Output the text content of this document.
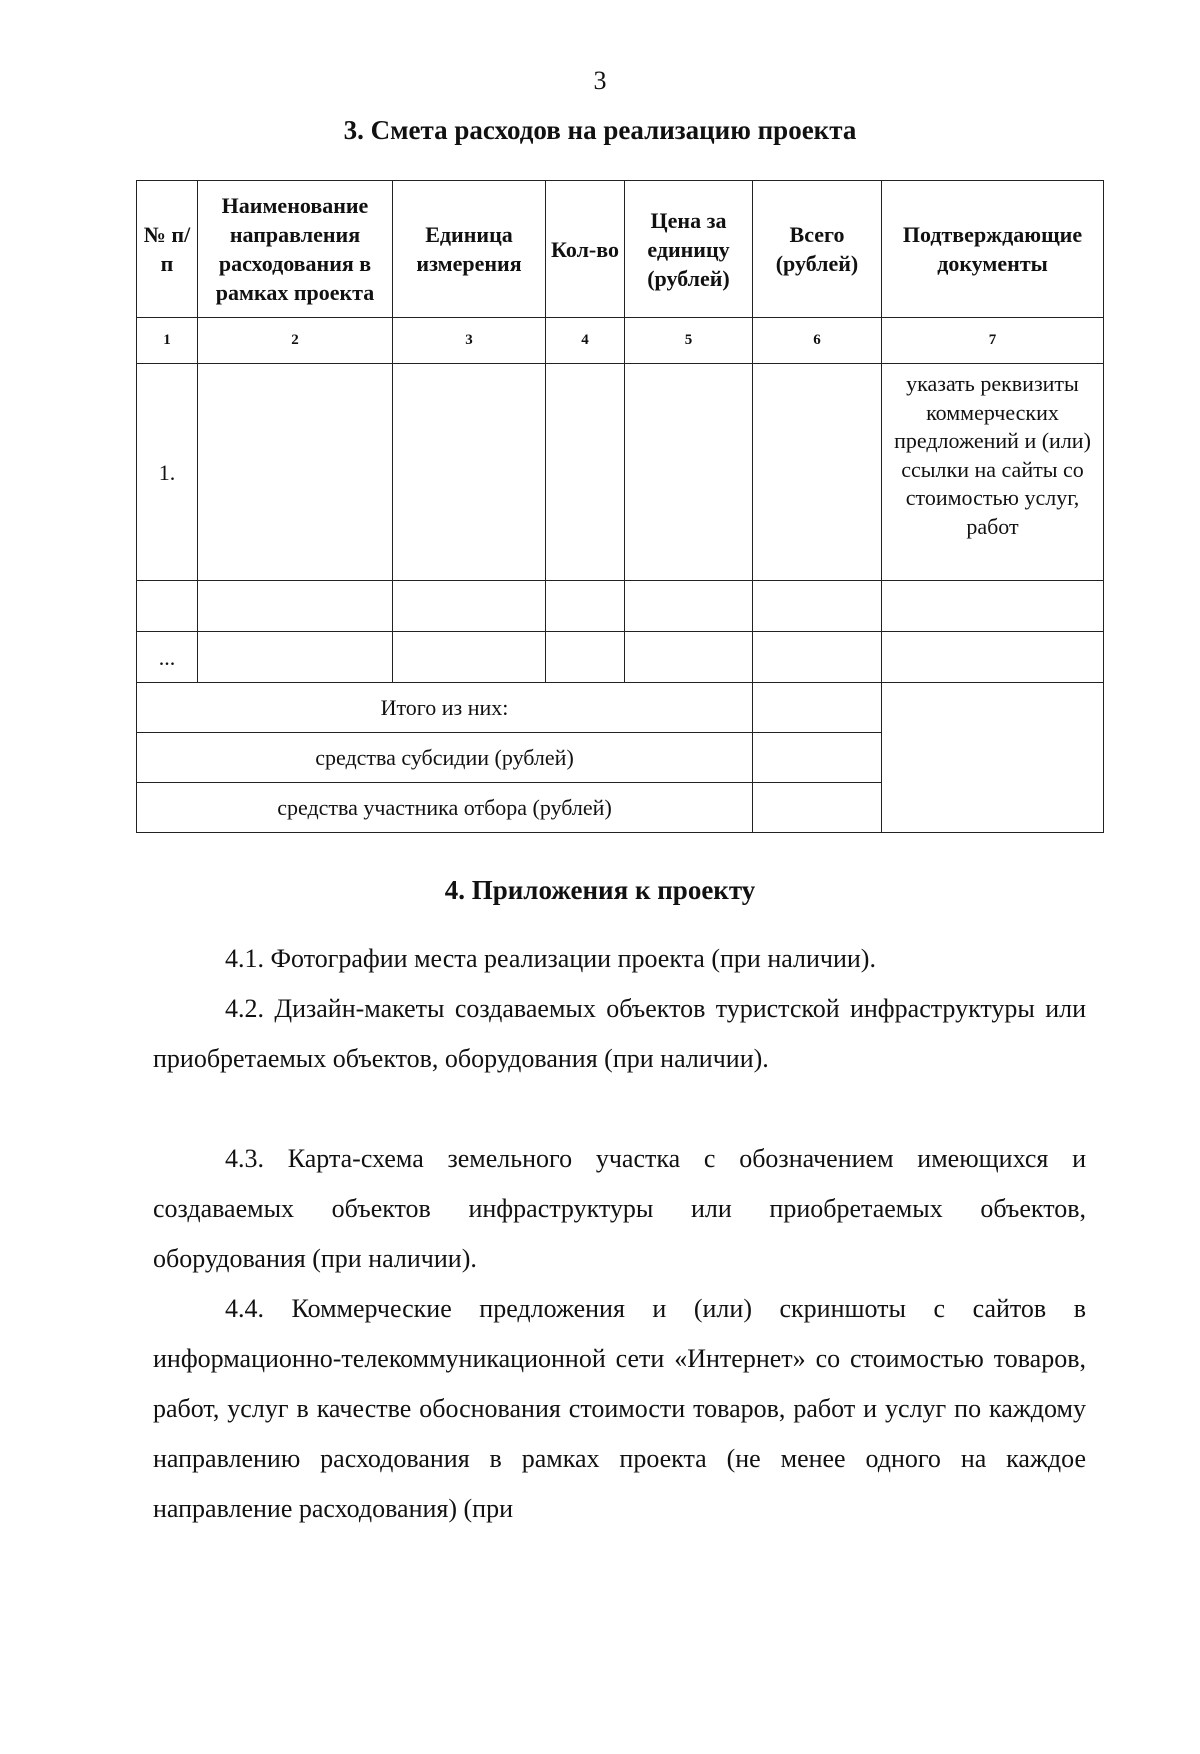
3
3. Смета расходов на реализацию проекта
№ п/п	Наименование направления расходования в рамках проекта	Единица измерения	Кол-во	Цена за единицу (рублей)	Всего (рублей)	Подтверждающие документы
1	2	3	4	5	6	7
1.						указать реквизиты коммерческих предложений и (или) ссылки на сайты со стоимостью услуг, работ

...						
Итого из них:						
средства субсидии (рублей)						
средства участника отбора (рублей)						
4. Приложения к проекту
4.1. Фотографии места реализации проекта (при наличии).
4.2. Дизайн-макеты создаваемых объектов туристской инфраструктуры или приобретаемых объектов, оборудования (при наличии).
4.3. Карта-схема земельного участка с обозначением имеющихся и создаваемых объектов инфраструктуры или приобретаемых объектов, оборудования (при наличии).
4.4. Коммерческие предложения и (или) скриншоты с сайтов в информационно-телекоммуникационной сети «Интернет» со стоимостью товаров, работ, услуг в качестве обоснования стоимости товаров, работ и услуг по каждому направлению расходования в рамках проекта (не менее одного на каждое направление расходования) (при
